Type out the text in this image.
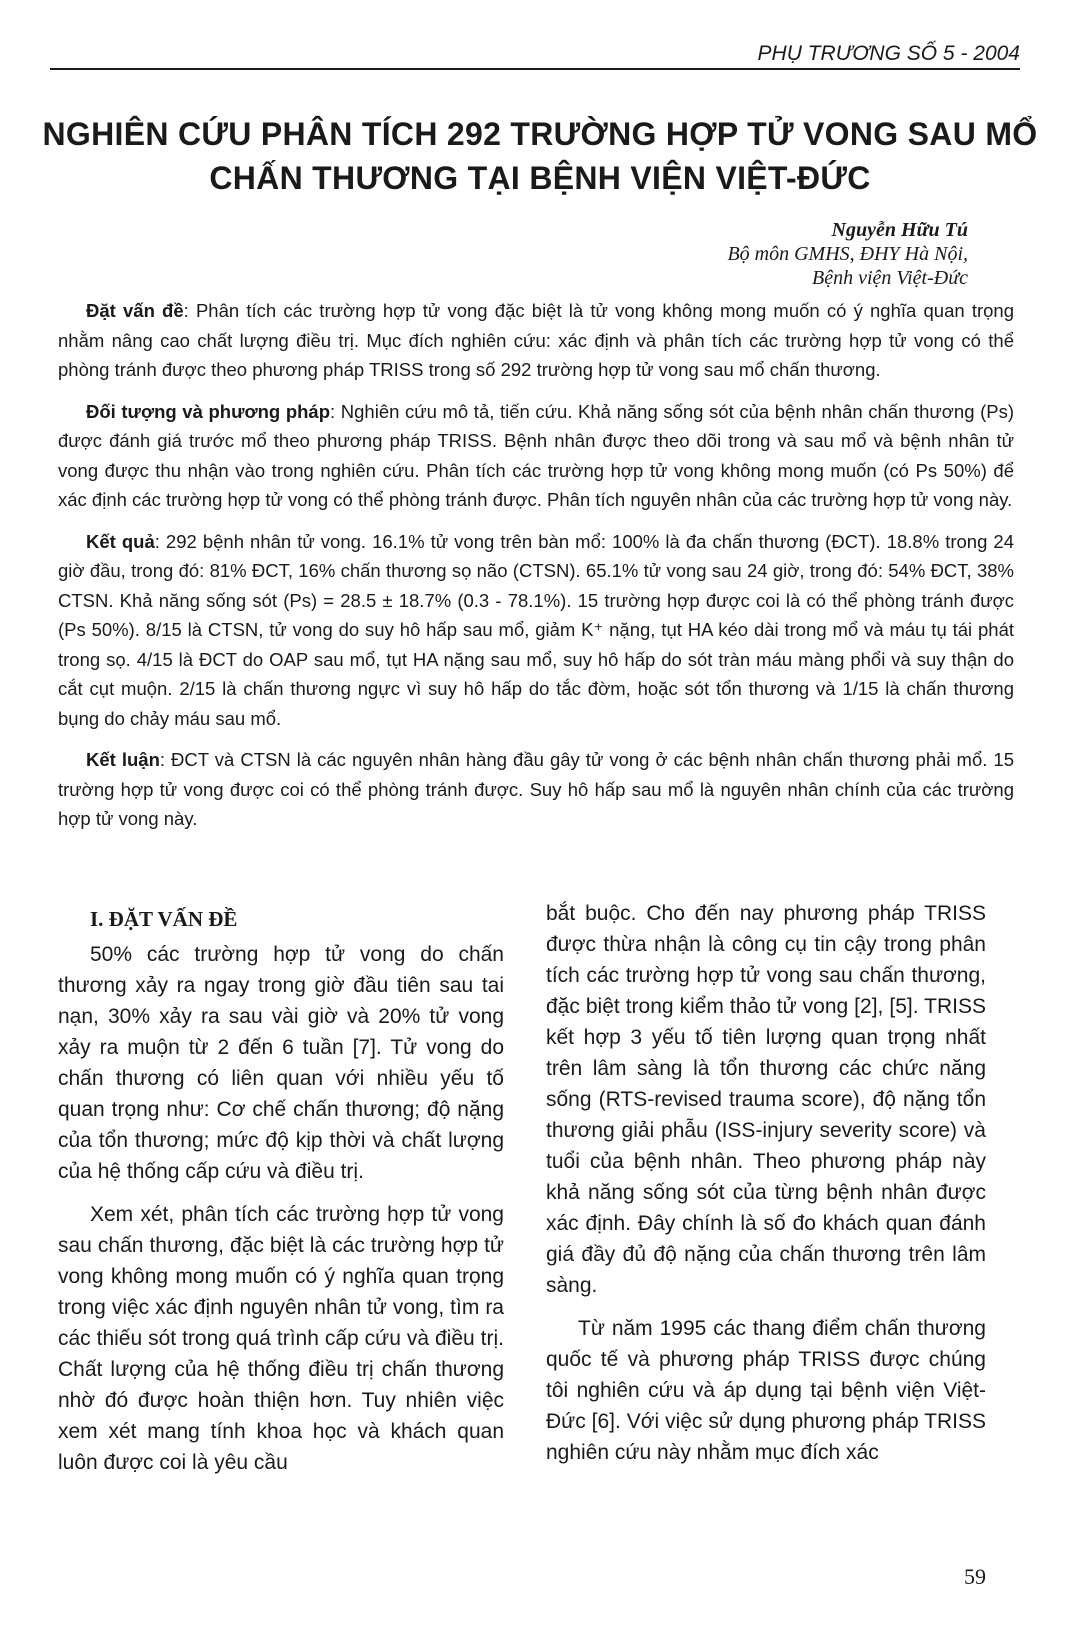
PHỤ TRƯƠNG SỐ 5 - 2004
NGHIÊN CỨU PHÂN TÍCH 292 TRƯỜNG HỢP TỬ VONG SAU MỔ
CHẤN THƯƠNG TẠI BỆNH VIỆN VIỆT-ĐỨC
Nguyễn Hữu Tú
Bộ môn GMHS, ĐHY Hà Nội,
Bệnh viện Việt-Đức

Đặt vấn đề: Phân tích các trường hợp tử vong đặc biệt là tử vong không mong muốn có ý nghĩa quan trọng nhằm nâng cao chất lượng điều trị. Mục đích nghiên cứu: xác định và phân tích các trường hợp tử vong có thể phòng tránh được theo phương pháp TRISS trong số 292 trường hợp tử vong sau mổ chấn thương.

Đối tượng và phương pháp: Nghiên cứu mô tả, tiến cứu. Khả năng sống sót của bệnh nhân chấn thương (Ps) được đánh giá trước mổ theo phương pháp TRISS. Bệnh nhân được theo dõi trong và sau mổ và bệnh nhân tử vong được thu nhận vào trong nghiên cứu. Phân tích các trường hợp tử vong không mong muốn (có Ps 50%) để xác định các trường hợp tử vong có thể phòng tránh được. Phân tích nguyên nhân của các trường hợp tử vong này.

Kết quả: 292 bệnh nhân tử vong. 16.1% tử vong trên bàn mổ: 100% là đa chấn thương (ĐCT). 18.8% trong 24 giờ đầu, trong đó: 81% ĐCT, 16% chấn thương sọ não (CTSN). 65.1% tử vong sau 24 giờ, trong đó: 54% ĐCT, 38% CTSN. Khả năng sống sót (Ps) = 28.5 ± 18.7% (0.3 - 78.1%). 15 trường hợp được coi là có thể phòng tránh được (Ps 50%). 8/15 là CTSN, tử vong do suy hô hấp sau mổ, giảm K⁺ nặng, tụt HA kéo dài trong mổ và máu tụ tái phát trong sọ. 4/15 là ĐCT do OAP sau mổ, tụt HA nặng sau mổ, suy hô hấp do sót tràn máu màng phổi và suy thận do cắt cụt muộn. 2/15 là chấn thương ngực vì suy hô hấp do tắc đờm, hoặc sót tổn thương và 1/15 là chấn thương bụng do chảy máu sau mổ.

Kết luận: ĐCT và CTSN là các nguyên nhân hàng đầu gây tử vong ở các bệnh nhân chấn thương phải mổ. 15 trường hợp tử vong được coi có thể phòng tránh được. Suy hô hấp sau mổ là nguyên nhân chính của các trường hợp tử vong này.

I. ĐẶT VẤN ĐỀ

50% các trường hợp tử vong do chấn thương xảy ra ngay trong giờ đầu tiên sau tai nạn, 30% xảy ra sau vài giờ và 20% tử vong xảy ra muộn từ 2 đến 6 tuần [7]. Tử vong do chấn thương có liên quan với nhiều yếu tố quan trọng như: Cơ chế chấn thương; độ nặng của tổn thương; mức độ kịp thời và chất lượng của hệ thống cấp cứu và điều trị.

Xem xét, phân tích các trường hợp tử vong sau chấn thương, đặc biệt là các trường hợp tử vong không mong muốn có ý nghĩa quan trọng trong việc xác định nguyên nhân tử vong, tìm ra các thiếu sót trong quá trình cấp cứu và điều trị. Chất lượng của hệ thống điều trị chấn thương nhờ đó được hoàn thiện hơn. Tuy nhiên việc xem xét mang tính khoa học và khách quan luôn được coi là yêu cầu

bắt buộc. Cho đến nay phương pháp TRISS được thừa nhận là công cụ tin cậy trong phân tích các trường hợp tử vong sau chấn thương, đặc biệt trong kiểm thảo tử vong [2], [5]. TRISS kết hợp 3 yếu tố tiên lượng quan trọng nhất trên lâm sàng là tổn thương các chức năng sống (RTS-revised trauma score), độ nặng tổn thương giải phẫu (ISS-injury severity score) và tuổi của bệnh nhân. Theo phương pháp này khả năng sống sót của từng bệnh nhân được xác định. Đây chính là số đo khách quan đánh giá đầy đủ độ nặng của chấn thương trên lâm sàng.

Từ năm 1995 các thang điểm chấn thương quốc tế và phương pháp TRISS được chúng tôi nghiên cứu và áp dụng tại bệnh viện Việt-Đức [6]. Với việc sử dụng phương pháp TRISS nghiên cứu này nhằm mục đích xác

59
